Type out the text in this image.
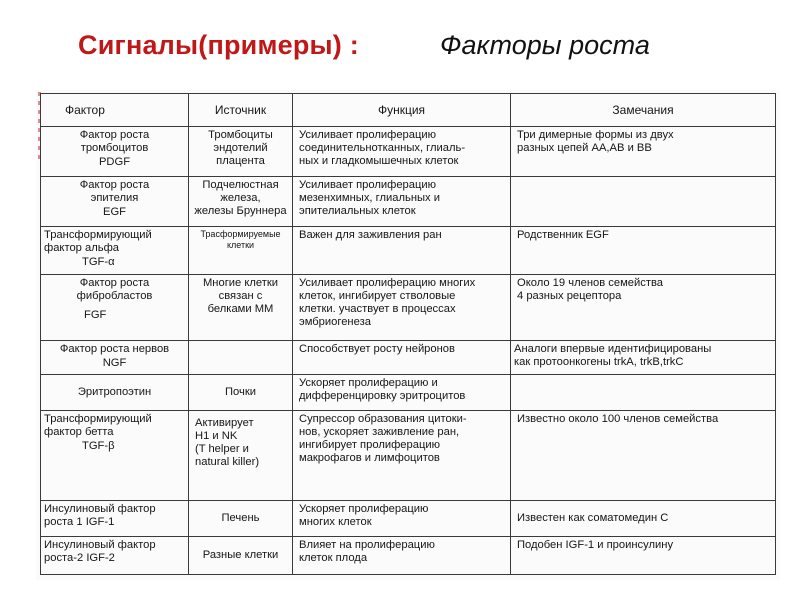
Сигналы(примеры) :	Факторы роста
Фактор	Источник	Функция	Замечания

Фактор роста
тромбоцитов
PDGF	Тромбоциты
эндотелий
плацента	Усиливает пролиферацию
соединительнотканных, глиаль-
ных и гладкомышечных клеток	Три димерные формы из двух
разных цепей АА,АВ и ВВ

Фактор роста
эпителия
EGF	Подчелюстная
железа,
железы Бруннера	Усиливает пролиферацию
мезенхимных, глиальных и
эпителиальных клеток	

Трансформирующий
фактор альфа
TGF-α	Трасформируемые
клетки	Важен для заживления ран	Родственник EGF

Фактор роста
фибробластов
FGF	Многие клетки
связан с
белками ММ	Усиливает пролиферацию многих
клеток, ингибирует стволовые
клетки. участвует в процессах
эмбриогенеза	Около 19 членов семейства
4 разных рецептора

Фактор роста нервов
NGF		Способствует росту нейронов	Аналоги впервые идентифицированы
как протоонкогены trkA, trkB,trkC

Эритропоэтин	Почки	Ускоряет пролиферацию и
дифференцировку эритроцитов	

Трансформирующий
фактор бетта
TGF-β	Активирует
Н1 и NK
(T helper и
natural killer)	Супрессор образования цитоки-
нов, ускоряет заживление ран,
ингибирует пролиферацию
макрофагов и лимфоцитов	Известно около 100 членов семейства

Инсулиновый фактор
роста 1 IGF-1	Печень	Ускоряет пролиферацию
многих клеток	Известен как соматомедин С

Инсулиновый фактор
роста-2 IGF-2	Разные клетки	Влияет на пролиферацию
клеток плода	Подобен IGF-1 и проинсулину
